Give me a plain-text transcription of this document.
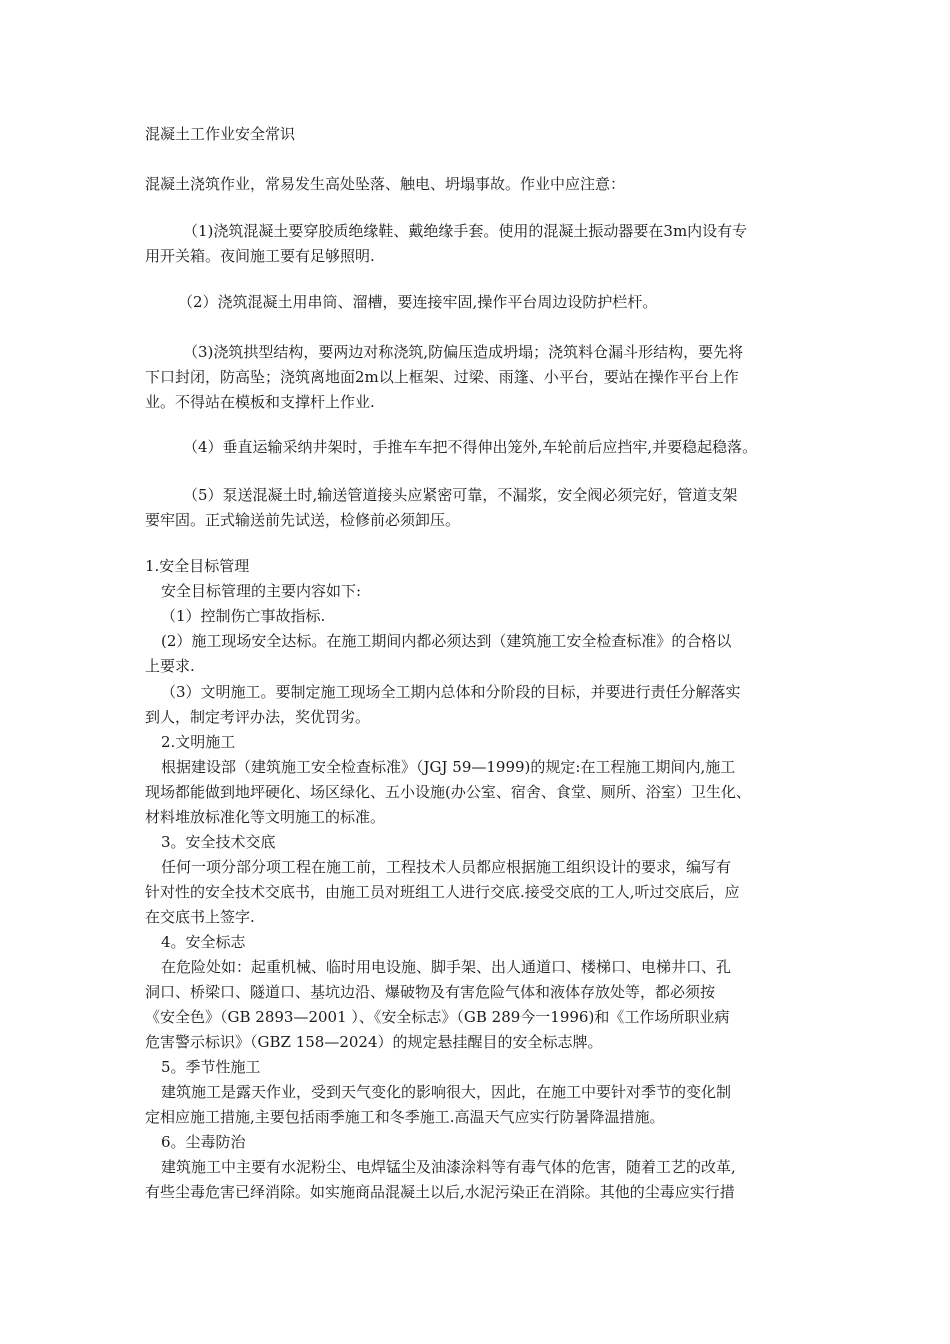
混凝土工作业安全常识
混凝土浇筑作业，常易发生高处坠落、触电、坍塌事故。作业中应注意：
（1)浇筑混凝土要穿胶质绝缘鞋、戴绝缘手套。使用的混凝土振动器要在3m内设有专
用开关箱。夜间施工要有足够照明.
（2）浇筑混凝土用串筒、溜槽，要连接牢固,操作平台周边设防护栏杆。
（3)浇筑拱型结构，要两边对称浇筑,防偏压造成坍塌；浇筑料仓漏斗形结构，要先将
下口封闭，防高坠；浇筑离地面2m以上框架、过梁、雨篷、小平台，要站在操作平台上作
业。不得站在模板和支撑杆上作业.
（4）垂直运输采纳井架时，手推车车把不得伸出笼外,车轮前后应挡牢,并要稳起稳落。
（5）泵送混凝土时,输送管道接头应紧密可靠，不漏浆，安全阀必须完好，管道支架
要牢固。正式输送前先试送，检修前必须卸压。
1.安全目标管理
安全目标管理的主要内容如下:
（1）控制伤亡事故指标.
(2）施工现场安全达标。在施工期间内都必须达到（建筑施工安全检查标准》的合格以
上要求.
（3）文明施工。要制定施工现场全工期内总体和分阶段的目标，并要进行责任分解落实
到人，制定考评办法，奖优罚劣。
2.文明施工
根据建设部（建筑施工安全检查标准》（JGJ 59—1999)的规定:在工程施工期间内,施工
现场都能做到地坪硬化、场区绿化、五小设施(办公室、宿舍、食堂、厕所、浴室）卫生化、
材料堆放标准化等文明施工的标准。
3。安全技术交底
任何一项分部分项工程在施工前，工程技术人员都应根据施工组织设计的要求，编写有
针对性的安全技术交底书，由施工员对班组工人进行交底.接受交底的工人,听过交底后，应
在交底书上签字.
4。安全标志
在危险处如：起重机械、临时用电设施、脚手架、出人通道口、楼梯口、电梯井口、孔
洞口、桥梁口、隧道口、基坑边沿、爆破物及有害危险气体和液体存放处等，都必须按
《安全色》（GB 2893—2001 ）、《安全标志》（GB 289今一1996)和《工作场所职业病
危害警示标识》（GBZ 158—2024）的规定悬挂醒目的安全标志牌。
5。季节性施工
建筑施工是露天作业，受到天气变化的影响很大，因此，在施工中要针对季节的变化制
定相应施工措施,主要包括雨季施工和冬季施工.高温天气应实行防暑降温措施。
6。尘毒防治
建筑施工中主要有水泥粉尘、电焊锰尘及油漆涂料等有毒气体的危害，随着工艺的改革,
有些尘毒危害已绎消除。如实施商品混凝土以后,水泥污染正在消除。其他的尘毒应实行措
